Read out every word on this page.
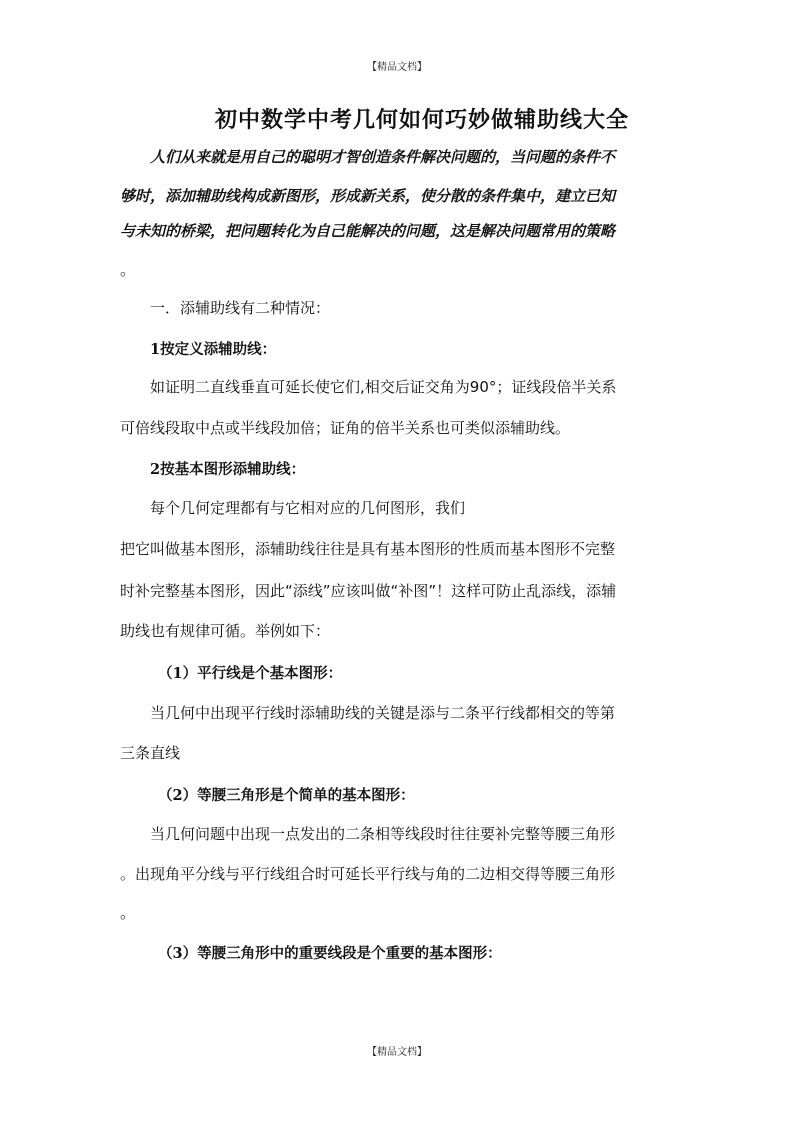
【精品文档】
初中数学中考几何如何巧妙做辅助线大全
人们从来就是用自己的聪明才智创造条件解决问题的，当问题的条件不
够时，添加辅助线构成新图形，形成新关系，使分散的条件集中，建立已知
与未知的桥梁，把问题转化为自己能解决的问题，这是解决问题常用的策略
。
一．添辅助线有二种情况：
1按定义添辅助线：
如证明二直线垂直可延长使它们,相交后证交角为90°；证线段倍半关系
可倍线段取中点或半线段加倍；证角的倍半关系也可类似添辅助线。
2按基本图形添辅助线：
每个几何定理都有与它相对应的几何图形，我们
把它叫做基本图形，添辅助线往往是具有基本图形的性质而基本图形不完整
时补完整基本图形，因此“添线”应该叫做“补图”！这样可防止乱添线，添辅
助线也有规律可循。举例如下：
（1）平行线是个基本图形：
当几何中出现平行线时添辅助线的关键是添与二条平行线都相交的等第
三条直线
（2）等腰三角形是个简单的基本图形：
当几何问题中出现一点发出的二条相等线段时往往要补完整等腰三角形
。出现角平分线与平行线组合时可延长平行线与角的二边相交得等腰三角形
。
（3）等腰三角形中的重要线段是个重要的基本图形：
【精品文档】
